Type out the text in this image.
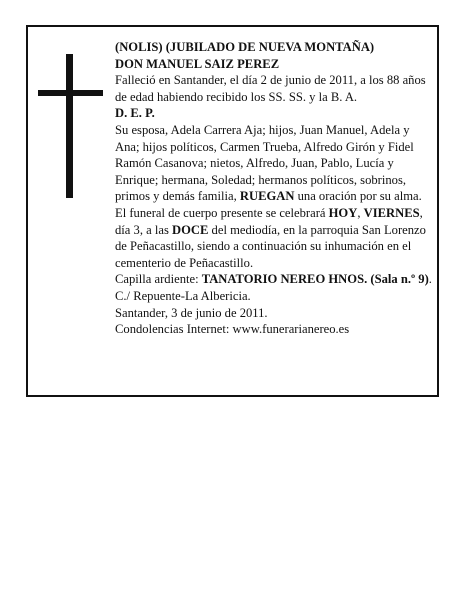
(NOLIS) (JUBILADO DE NUEVA MONTAÑA)

DON MANUEL SAIZ PEREZ

Falleció en Santander, el día 2 de junio de 2011, a los 88 años de edad habiendo recibido los SS. SS. y la B. A.

D. E. P.

Su esposa, Adela Carrera Aja; hijos, Juan Manuel, Adela y Ana; hijos políticos, Carmen Trueba, Alfredo Girón y Fidel Ramón Casanova; nietos, Alfredo, Juan, Pablo, Lucía y Enrique; hermana, Soledad; hermanos políticos, sobrinos, primos y demás familia, RUEGAN una oración por su alma. El funeral de cuerpo presente se celebrará HOY, VIERNES, día 3, a las DOCE del mediodía, en la parroquia San Lorenzo de Peñacastillo, siendo a continuación su inhumación en el cementerio de Peñacastillo.

Capilla ardiente: TANATORIO NEREO HNOS. (Sala n.º 9). C./ Repuente-La Albericia.

Santander, 3 de junio de 2011.

Condolencias Internet: www.funerarianereo.es
